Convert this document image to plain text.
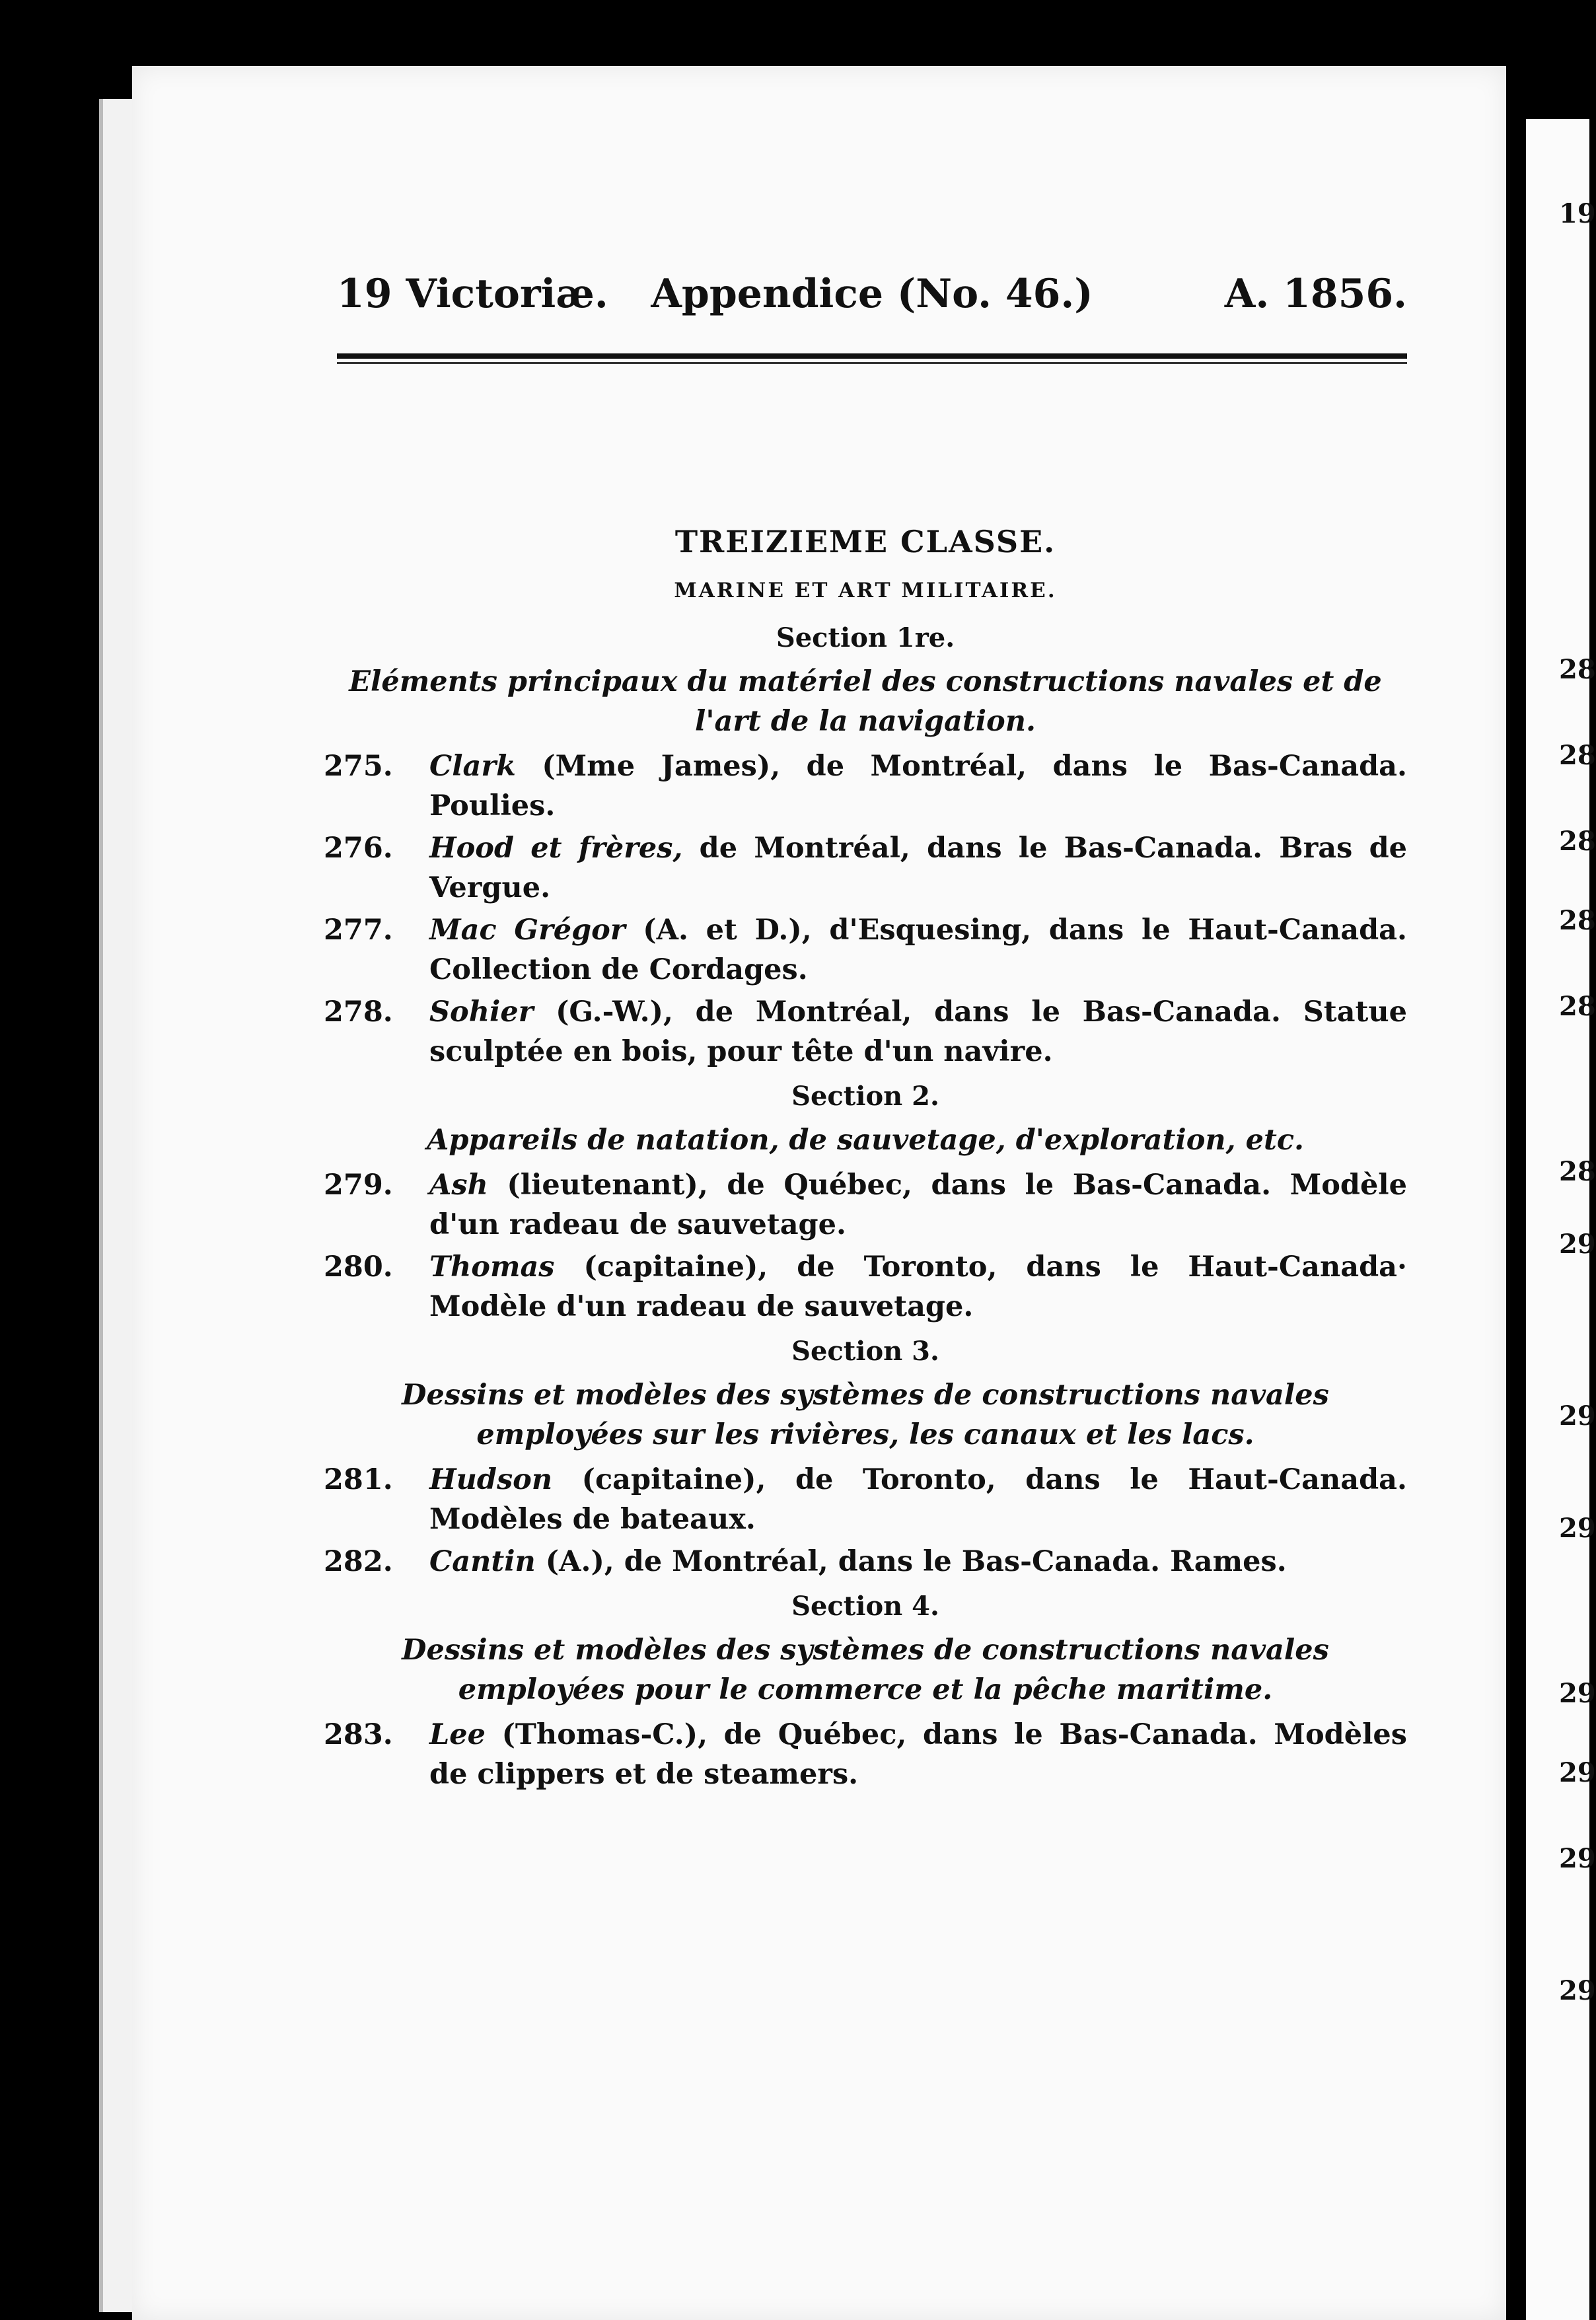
19
28
28
28
28
28
28
29
29
29
29
29
29
29
19 Victoriæ.	Appendice (No. 46.)	A. 1856.
TREIZIEME CLASSE.
MARINE ET ART MILITAIRE.
Section 1re.
Eléments principaux du matériel des constructions navales et de l'art de la navigation.
275. Clark (Mme James), de Montréal, dans le Bas-Canada. Poulies.
276. Hood et frères, de Montréal, dans le Bas-Canada. Bras de Vergue.
277. Mac Grégor (A. et D.), d'Esquesing, dans le Haut-Canada. Collection de Cordages.
278. Sohier (G.-W.), de Montréal, dans le Bas-Canada. Statue sculptée en bois, pour tête d'un navire.
Section 2.
Appareils de natation, de sauvetage, d'exploration, etc.
279. Ash (lieutenant), de Québec, dans le Bas-Canada. Modèle d'un radeau de sauvetage.
280. Thomas (capitaine), de Toronto, dans le Haut-Canada· Modèle d'un radeau de sauvetage.
Section 3.
Dessins et modèles des systèmes de constructions navales employées sur les rivières, les canaux et les lacs.
281. Hudson (capitaine), de Toronto, dans le Haut-Canada. Modèles de bateaux.
282. Cantin (A.), de Montréal, dans le Bas-Canada. Rames.
Section 4.
Dessins et modèles des systèmes de constructions navales employées pour le commerce et la pêche maritime.
283. Lee (Thomas-C.), de Québec, dans le Bas-Canada. Modèles de clippers et de steamers.
